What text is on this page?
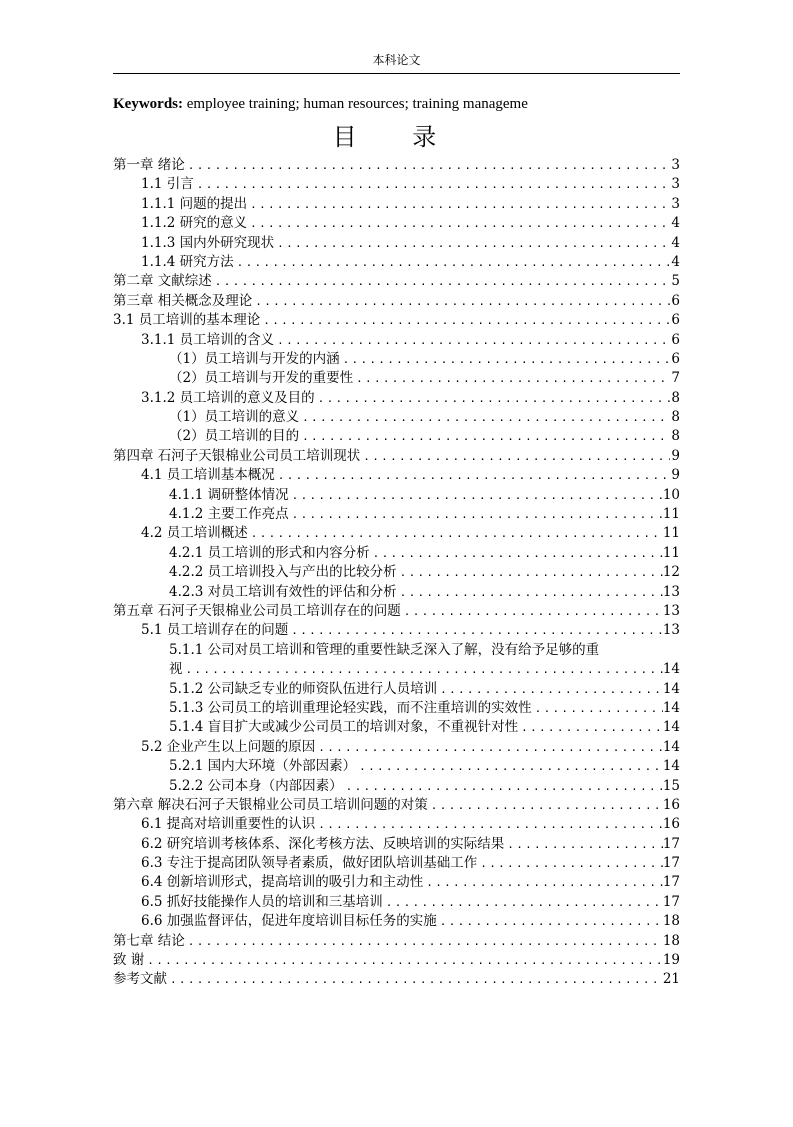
本科论文
Keywords: employee training; human resources; training manageme
目 录
第一章 绪论 .....	3
1.1 引言 .....	3
1.1.1 问题的提出 .....	3
1.1.2 研究的意义 .....	4
1.1.3 国内外研究现状 .....	4
1.1.4 研究方法 .....	4
第二章 文献综述 .....	5
第三章 相关概念及理论 .....	6
3.1 员工培训的基本理论 .....	6
3.1.1 员工培训的含义 .....	6
（1）员工培训与开发的内涵 .....	6
（2）员工培训与开发的重要性 .....	7
3.1.2 员工培训的意义及目的 .....	8
（1）员工培训的意义 .....	8
（2）员工培训的目的 .....	8
第四章 石河子天银棉业公司员工培训现状 .....	9
4.1 员工培训基本概况 .....	9
4.1.1 调研整体情况 .....	10
4.1.2 主要工作亮点 .....	11
4.2 员工培训概述 .....	11
4.2.1 员工培训的形式和内容分析 .....	11
4.2.2 员工培训投入与产出的比较分析 .....	12
4.2.3 对员工培训有效性的评估和分析 .....	13
第五章 石河子天银棉业公司员工培训存在的问题 .....	13
5.1 员工培训存在的问题 .....	13
5.1.1 公司对员工培训和管理的重要性缺乏深入了解，没有给予足够的重
视 .....	14
5.1.2 公司缺乏专业的师资队伍进行人员培训 .....	14
5.1.3 公司员工的培训重理论轻实践，而不注重培训的实效性 .....	14
5.1.4 盲目扩大或减少公司员工的培训对象，不重视针对性 .....	14
5.2 企业产生以上问题的原因 .....	14
5.2.1 国内大环境（外部因素） .....	14
5.2.2 公司本身（内部因素） .....	15
第六章 解决石河子天银棉业公司员工培训问题的对策 .....	16
6.1 提高对培训重要性的认识 .....	16
6.2 研究培训考核体系、深化考核方法、反映培训的实际结果 .....	17
6.3 专注于提高团队领导者素质，做好团队培训基础工作 .....	17
6.4 创新培训形式，提高培训的吸引力和主动性 .....	17
6.5 抓好技能操作人员的培训和三基培训 .....	17
6.6 加强监督评估，促进年度培训目标任务的实施 .....	18
第七章 结论 .....	18
致 谢 .....	19
参考文献 .....	21
